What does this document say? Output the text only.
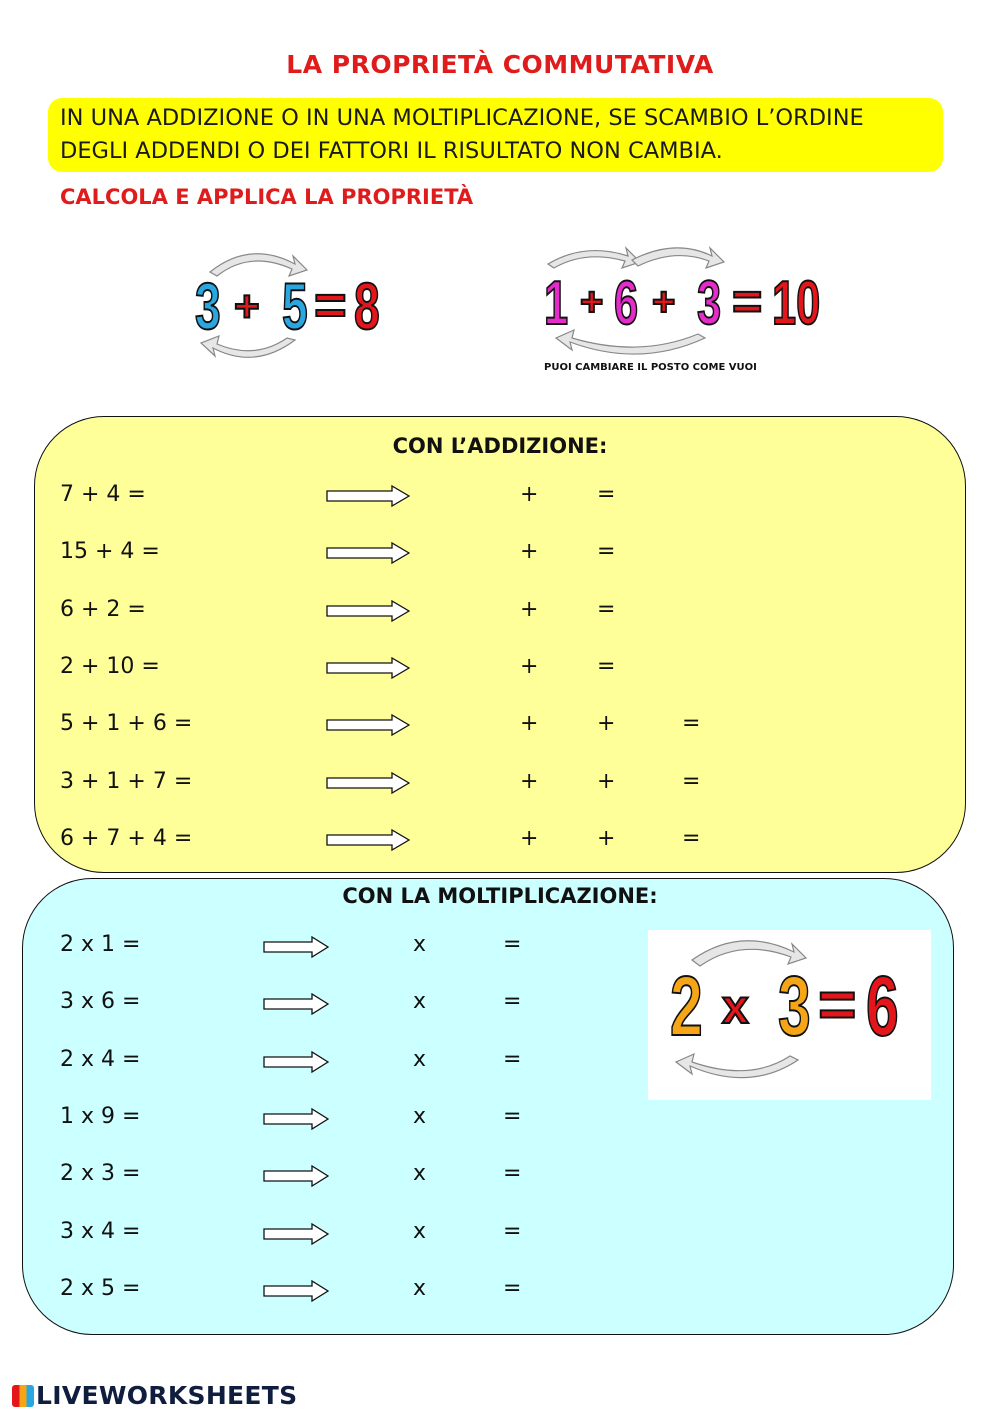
LA PROPRIETÀ COMMUTATIVA
IN UNA ADDIZIONE O IN UNA MOLTIPLICAZIONE, SE SCAMBIO L’ORDINE
DEGLI ADDENDI O DEI FATTORI IL RISULTATO NON CAMBIA.
CALCOLA E APPLICA LA PROPRIETÀ
3 + 5 = 8	1 + 6 + 3 = 10
PUOI CAMBIARE IL POSTO COME VUOI
CON L’ADDIZIONE:
7 + 4 =	+	=
15 + 4 =	+	=
6 + 2 =	+	=
2 + 10 =	+	=
5 + 1 + 6 =	+	+	=
3 + 1 + 7 =	+	+	=
6 + 7 + 4 =	+	+	=
CON LA MOLTIPLICAZIONE:
2 x 1 =	x	=
3 x 6 =	x	=
2 x 4 =	x	=
1 x 9 =	x	=
2 x 3 =	x	=
3 x 4 =	x	=
2 x 5 =	x	=
2 x 3 = 6
LIVEWORKSHEETS
